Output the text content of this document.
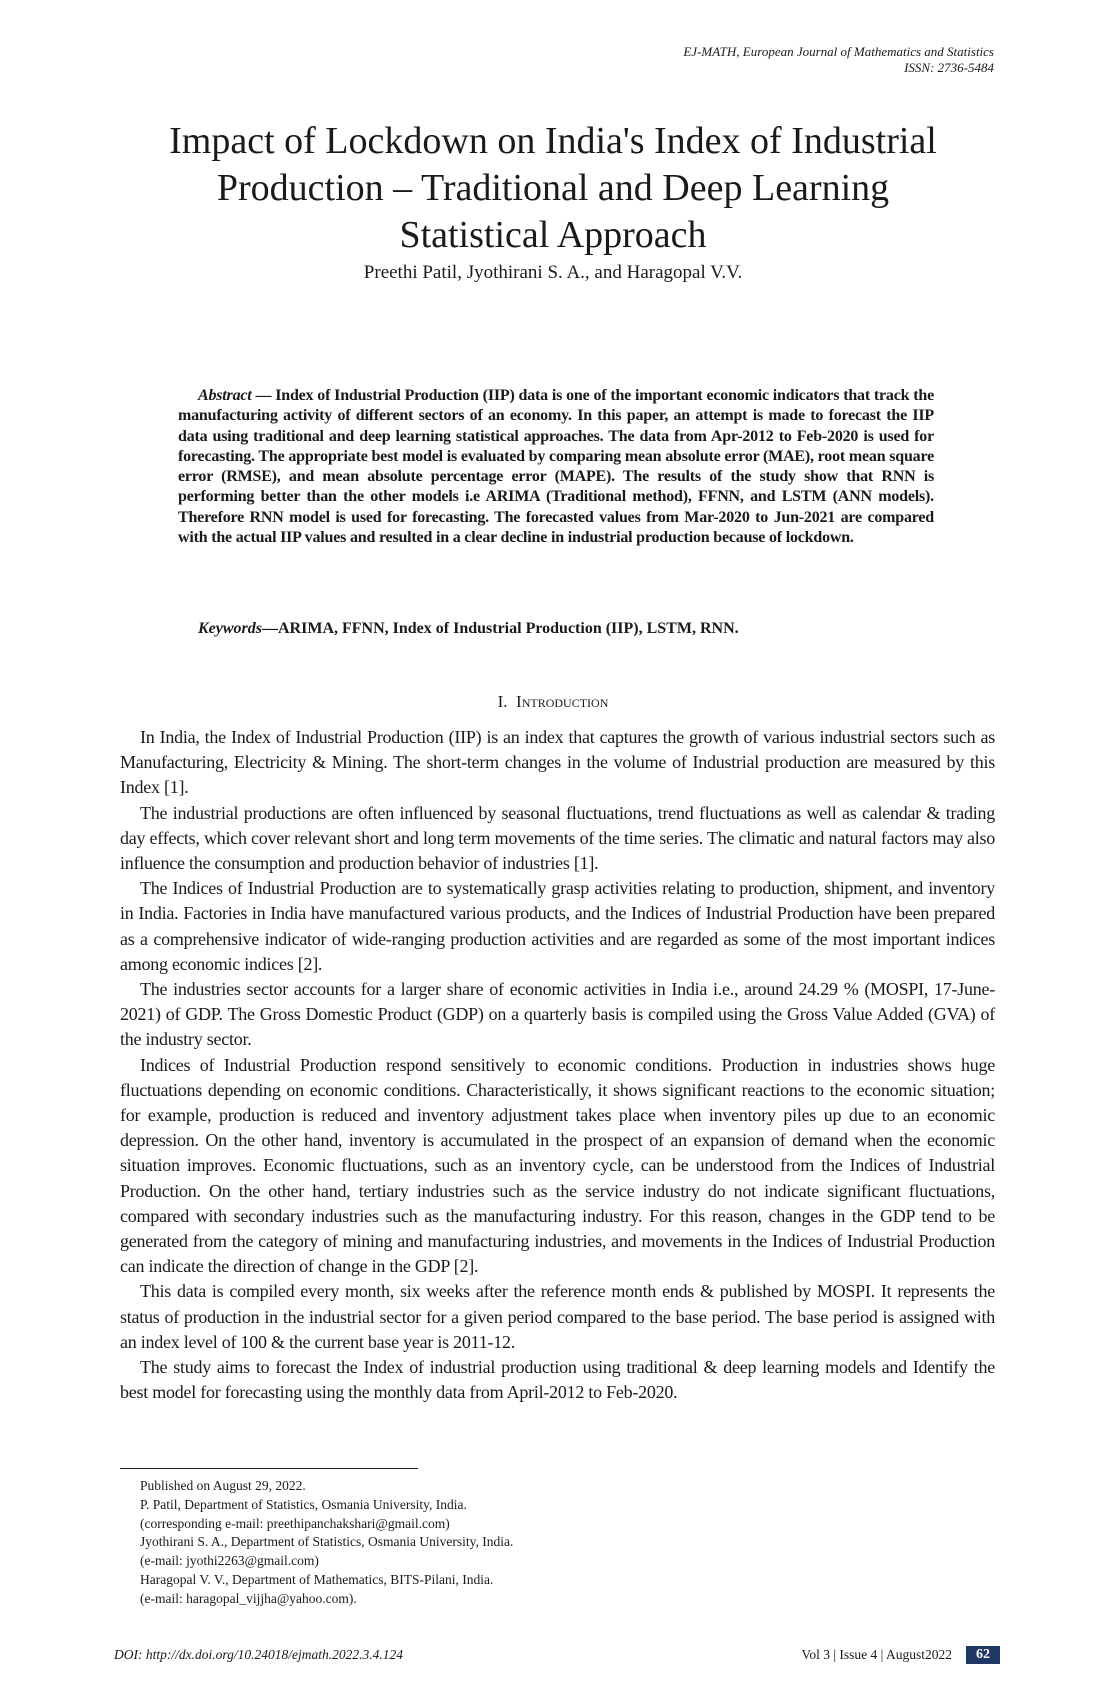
EJ-MATH, European Journal of Mathematics and Statistics
ISSN: 2736-5484
Impact of Lockdown on India's Index of Industrial Production – Traditional and Deep Learning Statistical Approach
Preethi Patil, Jyothirani S. A., and Haragopal V.V.
Abstract — Index of Industrial Production (IIP) data is one of the important economic indicators that track the manufacturing activity of different sectors of an economy. In this paper, an attempt is made to forecast the IIP data using traditional and deep learning statistical approaches. The data from Apr-2012 to Feb-2020 is used for forecasting. The appropriate best model is evaluated by comparing mean absolute error (MAE), root mean square error (RMSE), and mean absolute percentage error (MAPE). The results of the study show that RNN is performing better than the other models i.e ARIMA (Traditional method), FFNN, and LSTM (ANN models). Therefore RNN model is used for forecasting. The forecasted values from Mar-2020 to Jun-2021 are compared with the actual IIP values and resulted in a clear decline in industrial production because of lockdown.
Keywords—ARIMA, FFNN, Index of Industrial Production (IIP), LSTM, RNN.
I. Introduction

In India, the Index of Industrial Production (IIP) is an index that captures the growth of various industrial sectors such as Manufacturing, Electricity & Mining. The short-term changes in the volume of Industrial production are measured by this Index [1].

The industrial productions are often influenced by seasonal fluctuations, trend fluctuations as well as calendar & trading day effects, which cover relevant short and long term movements of the time series. The climatic and natural factors may also influence the consumption and production behavior of industries [1].

The Indices of Industrial Production are to systematically grasp activities relating to production, shipment, and inventory in India. Factories in India have manufactured various products, and the Indices of Industrial Production have been prepared as a comprehensive indicator of wide-ranging production activities and are regarded as some of the most important indices among economic indices [2].

The industries sector accounts for a larger share of economic activities in India i.e., around 24.29 % (MOSPI, 17-June-2021) of GDP. The Gross Domestic Product (GDP) on a quarterly basis is compiled using the Gross Value Added (GVA) of the industry sector.

Indices of Industrial Production respond sensitively to economic conditions. Production in industries shows huge fluctuations depending on economic conditions. Characteristically, it shows significant reactions to the economic situation; for example, production is reduced and inventory adjustment takes place when inventory piles up due to an economic depression. On the other hand, inventory is accumulated in the prospect of an expansion of demand when the economic situation improves. Economic fluctuations, such as an inventory cycle, can be understood from the Indices of Industrial Production. On the other hand, tertiary industries such as the service industry do not indicate significant fluctuations, compared with secondary industries such as the manufacturing industry. For this reason, changes in the GDP tend to be generated from the category of mining and manufacturing industries, and movements in the Indices of Industrial Production can indicate the direction of change in the GDP [2].

This data is compiled every month, six weeks after the reference month ends & published by MOSPI. It represents the status of production in the industrial sector for a given period compared to the base period. The base period is assigned with an index level of 100 & the current base year is 2011-12.

The study aims to forecast the Index of industrial production using traditional & deep learning models and Identify the best model for forecasting using the monthly data from April-2012 to Feb-2020.

Published on August 29, 2022.
P. Patil, Department of Statistics, Osmania University, India.
(corresponding e-mail: preethipanchakshari@gmail.com)
Jyothirani S. A., Department of Statistics, Osmania University, India.
(e-mail: jyothi2263@gmail.com)
Haragopal V. V., Department of Mathematics, BITS-Pilani, India.
(e-mail: haragopal_vijjha@yahoo.com).
DOI: http://dx.doi.org/10.24018/ejmath.2022.3.4.124	Vol 3 | Issue 4 | August2022	62
